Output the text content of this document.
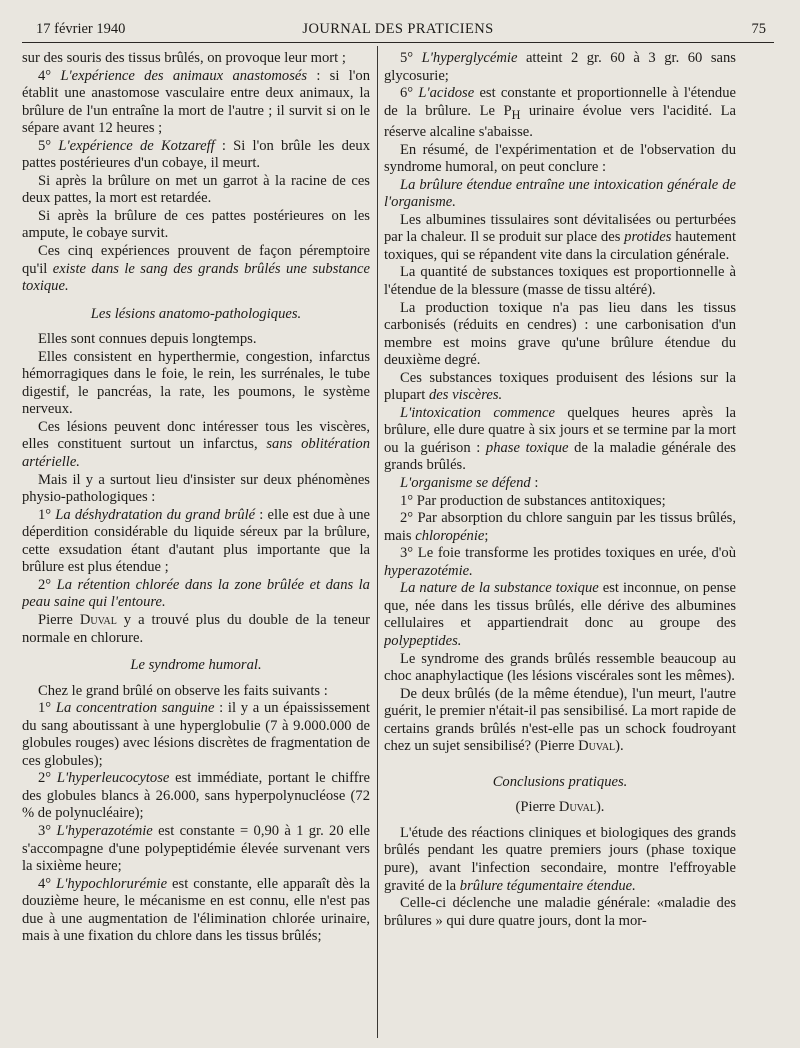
17 février 1940	JOURNAL DES PRATICIENS	75

sur des souris des tissus brûlés, on provoque leur mort ;

4° L'expérience des animaux anastomosés : si l'on établit une anastomose vasculaire entre deux animaux, la brûlure de l'un entraîne la mort de l'autre ; il survit si on le sépare avant 12 heures ;

5° L'expérience de Kotzareff : Si l'on brûle les deux pattes postérieures d'un cobaye, il meurt.

Si après la brûlure on met un garrot à la racine de ces deux pattes, la mort est retardée.

Si après la brûlure de ces pattes postérieures on les ampute, le cobaye survit.

Ces cinq expériences prouvent de façon péremptoire qu'il existe dans le sang des grands brûlés une substance toxique.

Les lésions anatomo-pathologiques.

Elles sont connues depuis longtemps.

Elles consistent en hyperthermie, congestion, infarctus hémorragiques dans le foie, le rein, les surrénales, le tube digestif, le pancréas, la rate, les poumons, le système nerveux.

Ces lésions peuvent donc intéresser tous les viscères, elles constituent surtout un infarctus, sans oblitération artérielle.

Mais il y a surtout lieu d'insister sur deux phénomènes physio-pathologiques :

1° La déshydratation du grand brûlé : elle est due à une déperdition considérable du liquide séreux par la brûlure, cette exsudation étant d'autant plus importante que la brûlure est plus étendue ;

2° La rétention chlorée dans la zone brûlée et dans la peau saine qui l'entoure.

Pierre Duval y a trouvé plus du double de la teneur normale en chlorure.

Le syndrome humoral.

Chez le grand brûlé on observe les faits suivants :

1° La concentration sanguine : il y a un épaississement du sang aboutissant à une hyperglobulie (7 à 9.000.000 de globules rouges) avec lésions discrètes de fragmentation de ces globules);

2° L'hyperleucocytose est immédiate, portant le chiffre des globules blancs à 26.000, sans hyperpolynucléose (72 % de polynucléaire);

3° L'hyperazotémie est constante = 0,90 à 1 gr. 20 elle s'accompagne d'une polypeptidémie élevée survenant vers la sixième heure;

4° L'hypochlorurémie est constante, elle apparaît dès la douzième heure, le mécanisme en est connu, elle n'est pas due à une augmentation de l'élimination chlorée urinaire, mais à une fixation du chlore dans les tissus brûlés;

5° L'hyperglycémie atteint 2 gr. 60 à 3 gr. 60 sans glycosurie;

6° L'acidose est constante et proportionnelle à l'étendue de la brûlure. Le $P_H$ urinaire évolue vers l'acidité. La réserve alcaline s'abaisse.

En résumé, de l'expérimentation et de l'observation du syndrome humoral, on peut conclure :

La brûlure étendue entraîne une intoxication générale de l'organisme.

Les albumines tissulaires sont dévitalisées ou perturbées par la chaleur. Il se produit sur place des protides hautement toxiques, qui se répandent vite dans la circulation générale.

La quantité de substances toxiques est proportionnelle à l'étendue de la blessure (masse de tissu altéré).

La production toxique n'a pas lieu dans les tissus carbonisés (réduits en cendres) : une carbonisation d'un membre est moins grave qu'une brûlure étendue du deuxième degré.

Ces substances toxiques produisent des lésions sur la plupart des viscères.

L'intoxication commence quelques heures après la brûlure, elle dure quatre à six jours et se termine par la mort ou la guérison : phase toxique de la maladie générale des grands brûlés.

L'organisme se défend :

1° Par production de substances antitoxiques;

2° Par absorption du chlore sanguin par les tissus brûlés, mais chloropénie;

3° Le foie transforme les protides toxiques en urée, d'où hyperazotémie.

La nature de la substance toxique est inconnue, on pense que, née dans les tissus brûlés, elle dérive des albumines cellulaires et appartiendrait donc au groupe des polypeptides.

Le syndrome des grands brûlés ressemble beaucoup au choc anaphylactique (les lésions viscérales sont les mêmes).

De deux brûlés (de la même étendue), l'un meurt, l'autre guérit, le premier n'était-il pas sensibilisé. La mort rapide de certains grands brûlés n'est-elle pas un schock foudroyant chez un sujet sensibilisé? (Pierre Duval).

Conclusions pratiques.

(Pierre Duval).

L'étude des réactions cliniques et biologiques des grands brûlés pendant les quatre premiers jours (phase toxique pure), avant l'infection secondaire, montre l'effroyable gravité de la brûlure tégumentaire étendue.

Celle-ci déclenche une maladie générale: «maladie des brûlures » qui dure quatre jours, dont la mor-
